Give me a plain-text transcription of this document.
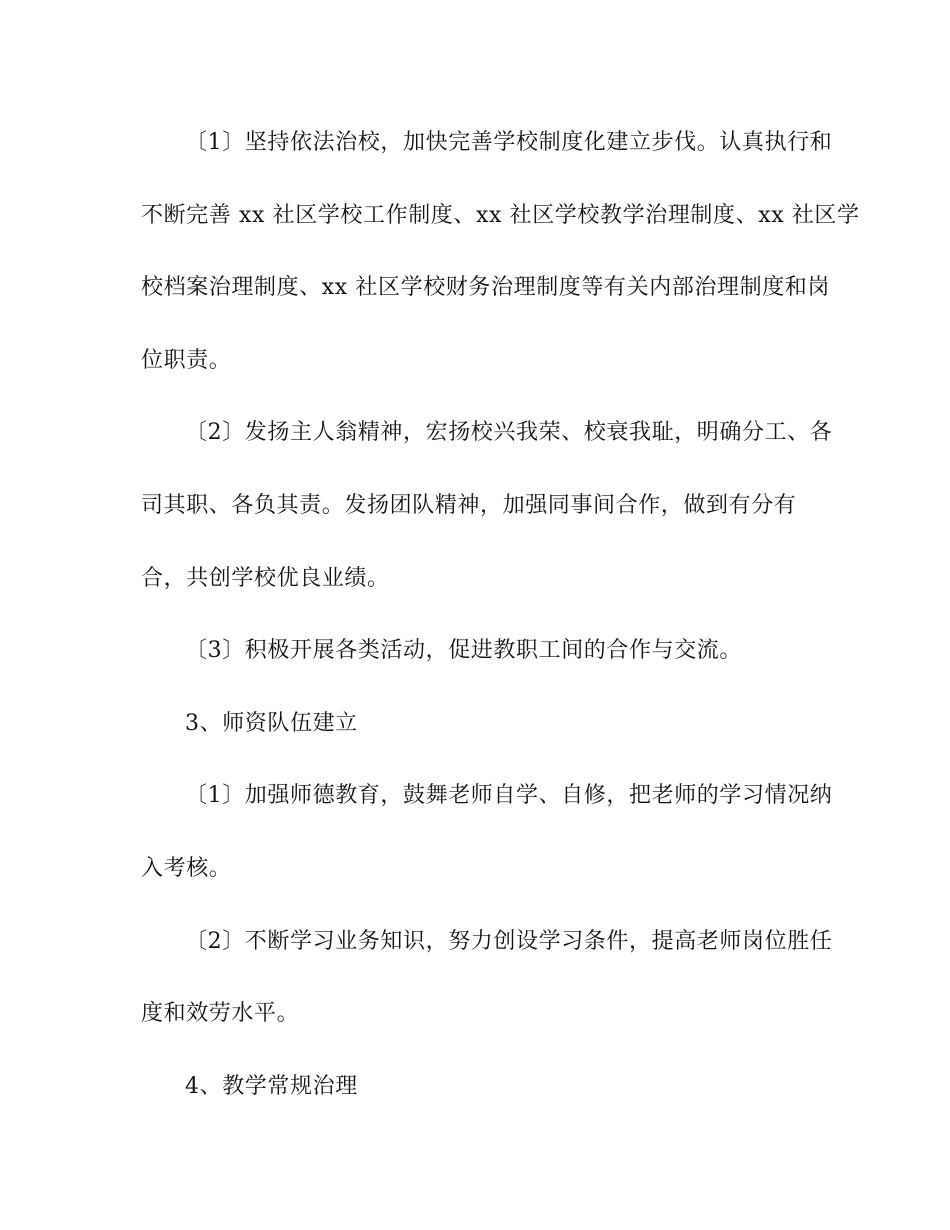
〔1〕坚持依法治校，加快完善学校制度化建立步伐。认真执行和
不断完善 xx 社区学校工作制度、xx 社区学校教学治理制度、xx 社区学
校档案治理制度、xx 社区学校财务治理制度等有关内部治理制度和岗
位职责。
〔2〕发扬主人翁精神，宏扬校兴我荣、校衰我耻，明确分工、各
司其职、各负其责。发扬团队精神，加强同事间合作，做到有分有
合，共创学校优良业绩。
〔3〕积极开展各类活动，促进教职工间的合作与交流。
3、师资队伍建立
〔1〕加强师德教育，鼓舞老师自学、自修，把老师的学习情况纳
入考核。
〔2〕不断学习业务知识，努力创设学习条件，提高老师岗位胜任
度和效劳水平。
4、教学常规治理
